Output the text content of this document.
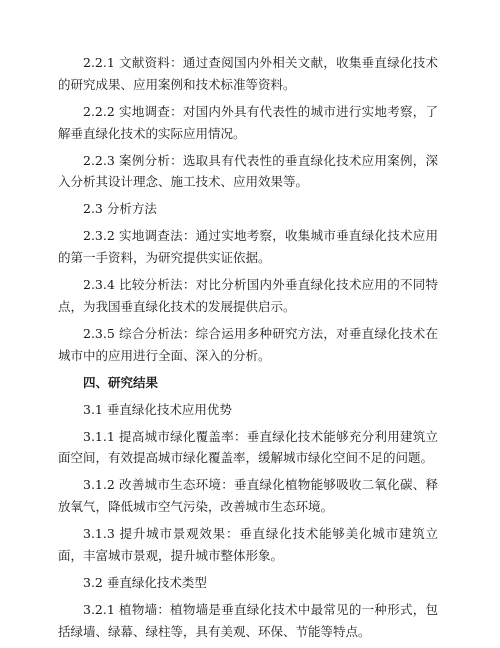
2.2.1 文献资料：通过查阅国内外相关文献，收集垂直绿化技术的研究成果、应用案例和技术标准等资料。

2.2.2 实地调查：对国内外具有代表性的城市进行实地考察，了解垂直绿化技术的实际应用情况。

2.2.3 案例分析：选取具有代表性的垂直绿化技术应用案例，深入分析其设计理念、施工技术、应用效果等。

2.3 分析方法

2.3.2 实地调查法：通过实地考察，收集城市垂直绿化技术应用的第一手资料，为研究提供实证依据。

2.3.4 比较分析法：对比分析国内外垂直绿化技术应用的不同特点，为我国垂直绿化技术的发展提供启示。

2.3.5 综合分析法：综合运用多种研究方法，对垂直绿化技术在城市中的应用进行全面、深入的分析。

四、研究结果

3.1 垂直绿化技术应用优势

3.1.1 提高城市绿化覆盖率：垂直绿化技术能够充分利用建筑立面空间，有效提高城市绿化覆盖率，缓解城市绿化空间不足的问题。

3.1.2 改善城市生态环境：垂直绿化植物能够吸收二氧化碳、释放氧气，降低城市空气污染，改善城市生态环境。

3.1.3 提升城市景观效果：垂直绿化技术能够美化城市建筑立面，丰富城市景观，提升城市整体形象。

3.2 垂直绿化技术类型

3.2.1 植物墙：植物墙是垂直绿化技术中最常见的一种形式，包括绿墙、绿幕、绿柱等，具有美观、环保、节能等特点。
